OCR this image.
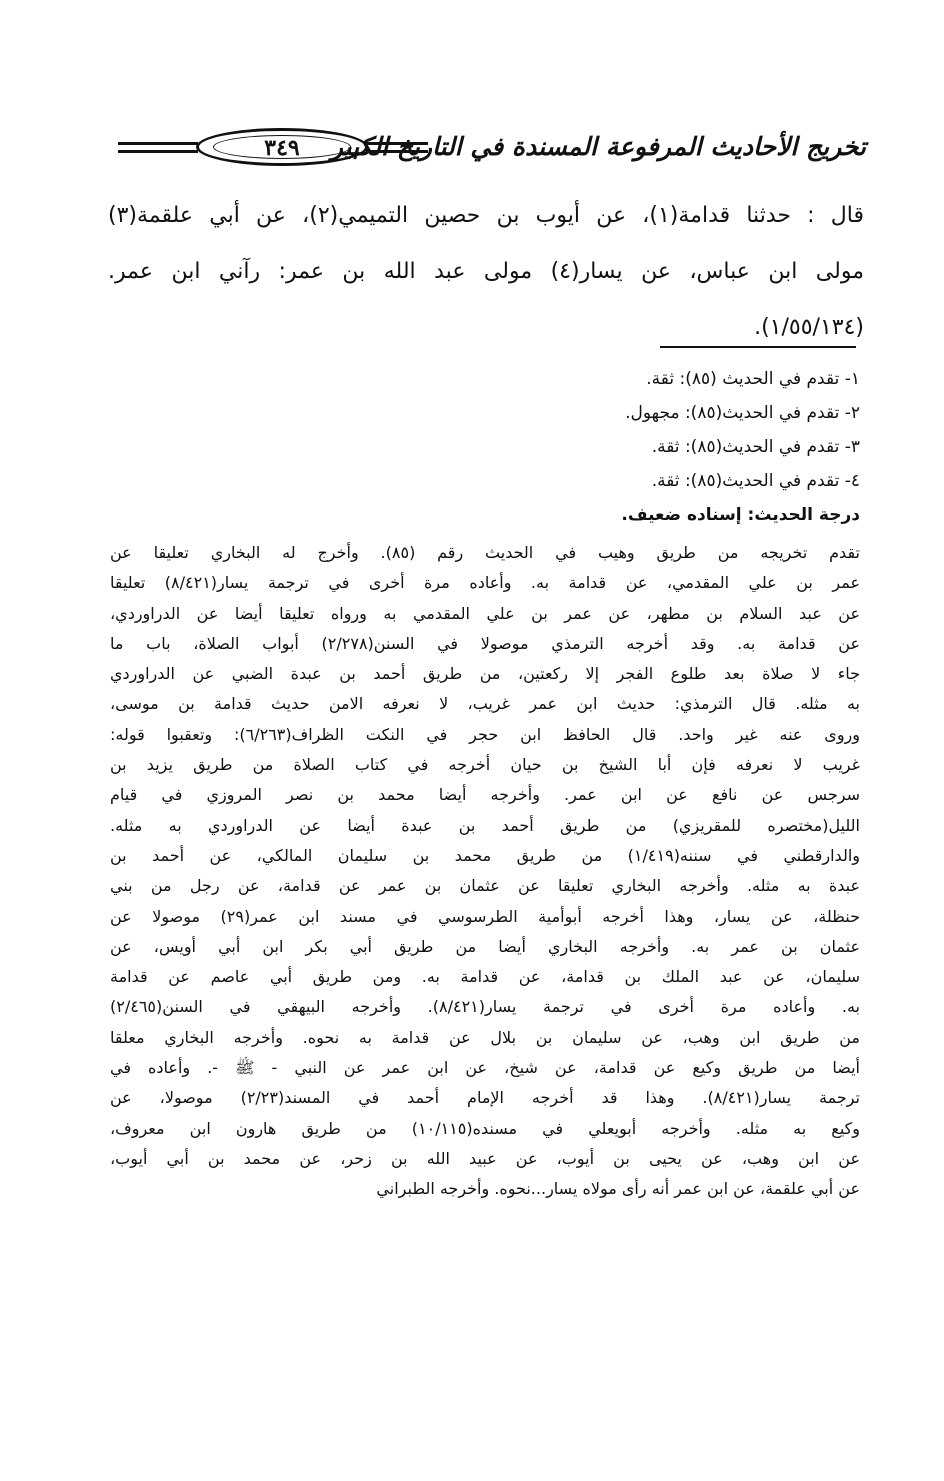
٣٤٩	تخريج الأحاديث المرفوعة المسندة في التاريخ الكبير
قال : حدثنا قدامة(١)، عن أيوب بن حصين التميمي(٢)، عن أبي علقمة(٣)
مولى ابن عباس، عن يسار(٤) مولى عبد الله بن عمر: رآني ابن عمر.
(١/٥٥/١٣٤).
١- تقدم في الحديث (٨٥): ثقة.
٢- تقدم في الحديث(٨٥): مجهول.
٣- تقدم في الحديث(٨٥): ثقة.
٤- تقدم في الحديث(٨٥): ثقة.
درجة الحديث: إسناده ضعيف.
تقدم تخريجه من طريق وهيب في الحديث رقم (٨٥). وأخرج له البخاري تعليقا عن
عمر بن علي المقدمي، عن قدامة به. وأعاده مرة أخرى في ترجمة يسار(٨/٤٢١) تعليقا
عن عبد السلام بن مطهر، عن عمر بن علي المقدمي به ورواه تعليقا أيضا عن الدراوردي،
عن قدامة به. وقد أخرجه الترمذي موصولا في السنن(٢/٢٧٨) أبواب الصلاة، باب ما
جاء لا صلاة بعد طلوع الفجر إلا ركعتين، من طريق أحمد بن عبدة الضبي عن الدراوردي
به مثله. قال الترمذي: حديث ابن عمر غريب، لا نعرفه الامن حديث قدامة بن موسى،
وروى عنه غير واحد. قال الحافظ ابن حجر في النكت الظراف(٦/٢٦٣): وتعقبوا قوله:
غريب لا نعرفه فإن أبا الشيخ بن حيان أخرجه في كتاب الصلاة من طريق يزيد بن
سرجس عن نافع عن ابن عمر. وأخرجه أيضا محمد بن نصر المروزي في قيام
الليل(مختصره للمقريزي) من طريق أحمد بن عبدة أيضا عن الدراوردي به مثله.
والدارقطني في سننه(١/٤١٩) من طريق محمد بن سليمان المالكي، عن أحمد بن
عبدة به مثله. وأخرجه البخاري تعليقا عن عثمان بن عمر عن قدامة، عن رجل من بني
حنظلة، عن يسار، وهذا أخرجه أبوأمية الطرسوسي في مسند ابن عمر(٢٩) موصولا عن
عثمان بن عمر به. وأخرجه البخاري أيضا من طريق أبي بكر ابن أبي أويس، عن
سليمان، عن عبد الملك بن قدامة، عن قدامة به. ومن طريق أبي عاصم عن قدامة
به. وأعاده مرة أخرى في ترجمة يسار(٨/٤٢١). وأخرجه البيهقي في السنن(٢/٤٦٥)
من طريق ابن وهب، عن سليمان بن بلال عن قدامة به نحوه. وأخرجه البخاري معلقا
أيضا من طريق وكيع عن قدامة، عن شيخ، عن ابن عمر عن النبي - ﷺ -. وأعاده في
ترجمة يسار(٨/٤٢١). وهذا قد أخرجه الإمام أحمد في المسند(٢/٢٣) موصولا، عن
وكيع به مثله. وأخرجه أبويعلي في مسنده(١٠/١١٥) من طريق هارون ابن معروف،
عن ابن وهب، عن يحيى بن أيوب، عن عبيد الله بن زحر، عن محمد بن أبي أيوب،
عن أبي علقمة، عن ابن عمر أنه رأى مولاه يسار...نحوه. وأخرجه الطبراني
